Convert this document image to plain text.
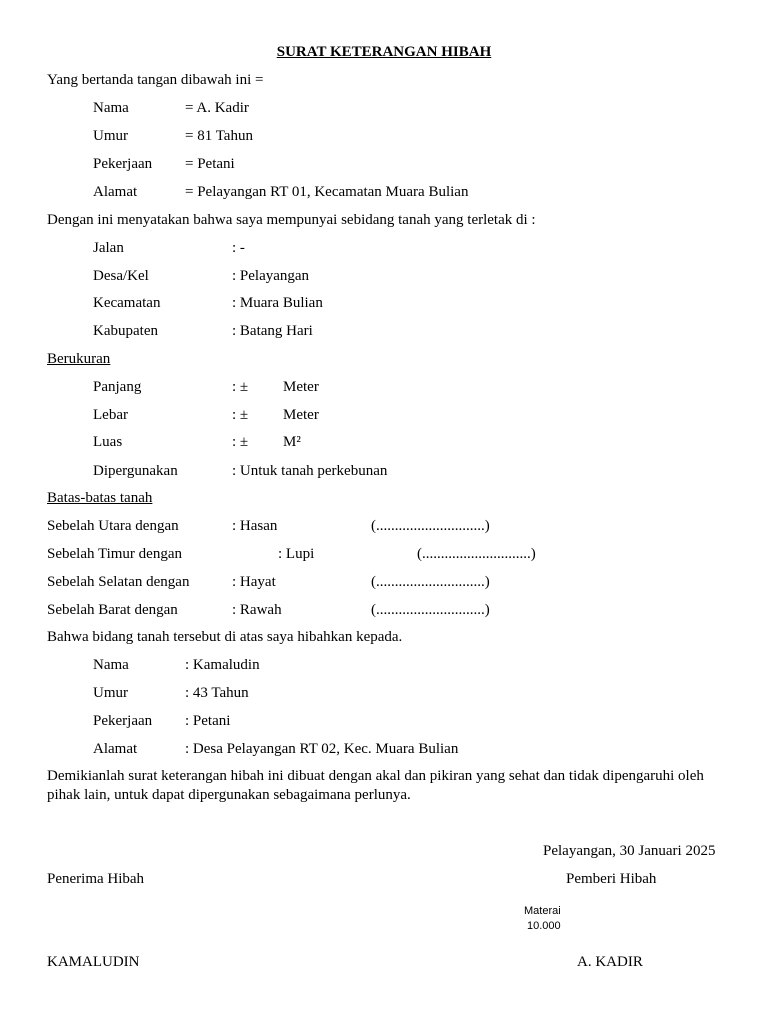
SURAT KETERANGAN HIBAH
Yang bertanda tangan dibawah ini =
Nama	= A. Kadir
Umur	= 81 Tahun
Pekerjaan = Petani
Alamat	= Pelayangan RT 01, Kecamatan Muara Bulian
Dengan ini menyatakan bahwa saya mempunyai sebidang tanah yang terletak di :
Jalan	: -
Desa/Kel	: Pelayangan
Kecamatan	: Muara Bulian
Kabupaten	: Batang Hari
Berukuran
Panjang	: ± Meter
Lebar	: ± Meter
Luas	: ± M²
Dipergunakan	: Untuk tanah perkebunan
Batas-batas tanah
Sebelah Utara dengan	: Hasan	(.............................)
Sebelah Timur dengan	: Lupi	(.............................)
Sebelah Selatan dengan	: Hayat	(.............................)
Sebelah Barat dengan	: Rawah	(.............................)
Bahwa bidang tanah tersebut di atas saya hibahkan kepada.
Nama	: Kamaludin
Umur	: 43 Tahun
Pekerjaan : Petani
Alamat	: Desa Pelayangan RT 02, Kec. Muara Bulian
Demikianlah surat keterangan hibah ini dibuat dengan akal dan pikiran yang sehat dan tidak dipengaruhi oleh pihak lain, untuk dapat dipergunakan sebagaimana perlunya.
Pelayangan, 30 Januari 2025
Penerima Hibah	Pemberi Hibah
Materai
10.000
KAMALUDIN	A. KADIR
